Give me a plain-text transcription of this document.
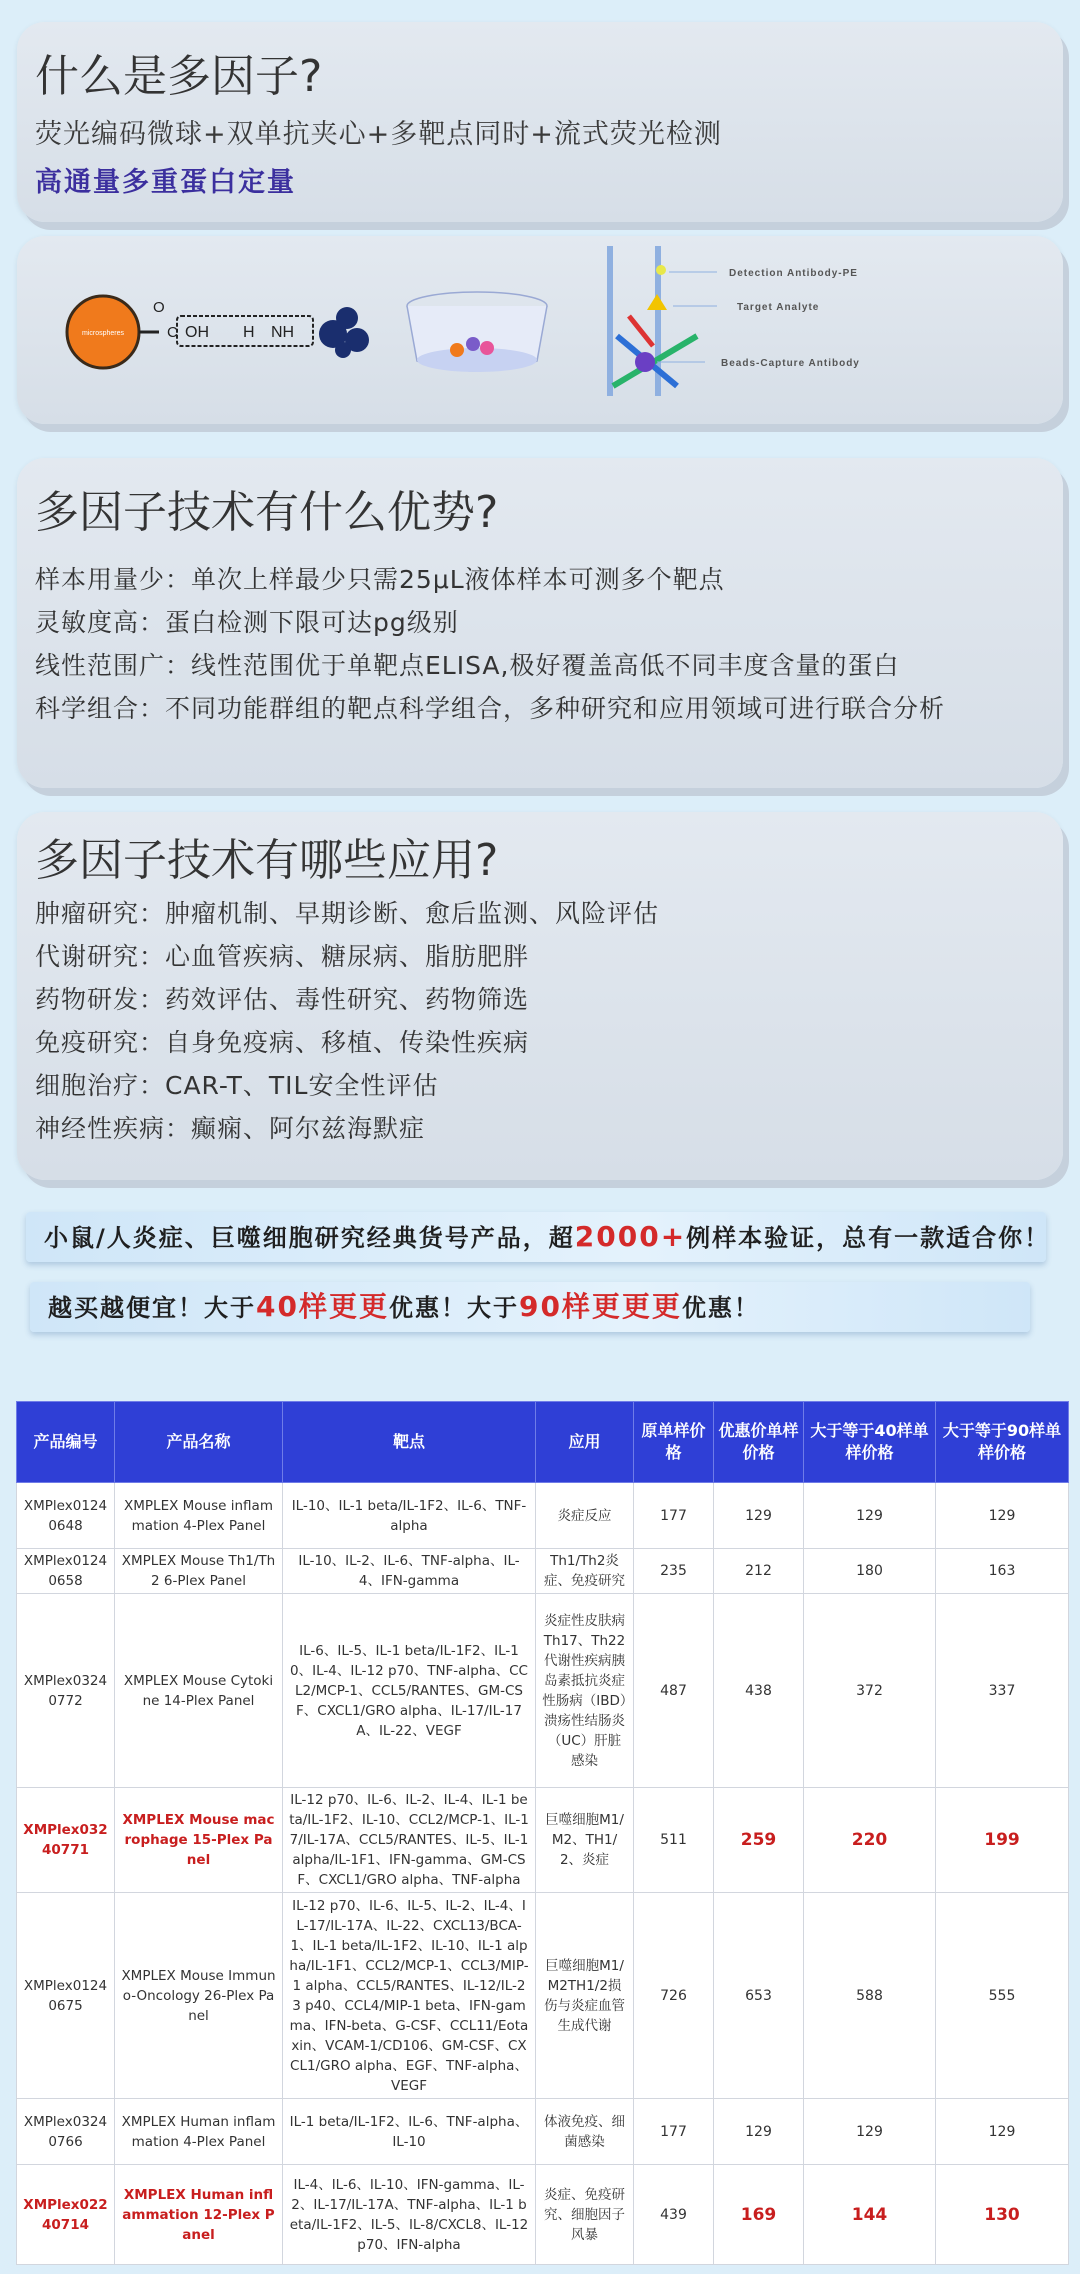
什么是多因子?
荧光编码微球+双单抗夹心+多靶点同时+流式荧光检测
高通量多重蛋白定量
microspheres
O
C OH H NH
Detection Antibody-PE
Target Analyte
Beads-Capture Antibody
多因子技术有什么优势?
样本用量少：单次上样最少只需25μL液体样本可测多个靶点
灵敏度高：蛋白检测下限可达pg级别
线性范围广：线性范围优于单靶点ELISA,极好覆盖高低不同丰度含量的蛋白
科学组合：不同功能群组的靶点科学组合，多种研究和应用领域可进行联合分析
多因子技术有哪些应用?
肿瘤研究：肿瘤机制、早期诊断、愈后监测、风险评估
代谢研究：心血管疾病、糖尿病、脂肪肥胖
药物研发：药效评估、毒性研究、药物筛选
免疫研究：自身免疫病、移植、传染性疾病
细胞治疗：CAR-T、TIL安全性评估
神经性疾病：癫痫、阿尔兹海默症
小鼠/人炎症、巨噬细胞研究经典货号产品，超2000+例样本验证，总有一款适合你！
越买越便宜！大于40样更更优惠！大于90样更更更优惠！
产品编号	产品名称	靶点	应用	原单样价格	优惠价单样价格	大于等于40样单样价格	大于等于90样单样价格
XMPlex01240648	XMPLEX Mouse inflammation 4-Plex Panel	IL-10、IL-1 beta/IL-1F2、IL-6、TNF-alpha	炎症反应	177	129	129	129
XMPlex01240658	XMPLEX Mouse Th1/Th2 6-Plex Panel	IL-10、IL-2、IL-6、TNF-alpha、IL-4、IFN-gamma	Th1/Th2炎症、免疫研究	235	212	180	163
XMPlex03240772	XMPLEX Mouse Cytokine 14-Plex Panel	IL-6、IL-5、IL-1 beta/IL-1F2、IL-10、IL-4、IL-12 p70、TNF-alpha、CCL2/MCP-1、CCL5/RANTES、GM-CSF、CXCL1/GRO alpha、IL-17/IL-17A、IL-22、VEGF	炎症性皮肤病Th17、Th22代谢性疾病胰岛素抵抗炎症性肠病（IBD）溃疡性结肠炎（UC）肝脏感染	487	438	372	337
XMPlex03240771	XMPLEX Mouse macrophage 15-Plex Panel	IL-12 p70、IL-6、IL-2、IL-4、IL-1 beta/IL-1F2、IL-10、CCL2/MCP-1、IL-17/IL-17A、CCL5/RANTES、IL-5、IL-1 alpha/IL-1F1、IFN-gamma、GM-CSF、CXCL1/GRO alpha、TNF-alpha	巨噬细胞M1/M2、TH1/2、炎症	511	259	220	199
XMPlex01240675	XMPLEX Mouse Immuno-Oncology 26-Plex Panel	IL-12 p70、IL-6、IL-5、IL-2、IL-4、IL-17/IL-17A、IL-22、CXCL13/BCA-1、IL-1 beta/IL-1F2、IL-10、IL-1 alpha/IL-1F1、CCL2/MCP-1、CCL3/MIP-1 alpha、CCL5/RANTES、IL-12/IL-23 p40、CCL4/MIP-1 beta、IFN-gamma、IFN-beta、G-CSF、CCL11/Eotaxin、VCAM-1/CD106、GM-CSF、CXCL1/GRO alpha、EGF、TNF-alpha、VEGF	巨噬细胞M1/M2TH1/2损伤与炎症血管生成代谢	726	653	588	555
XMPlex03240766	XMPLEX Human inflammation 4-Plex Panel	IL-1 beta/IL-1F2、IL-6、TNF-alpha、IL-10	体液免疫、细菌感染	177	129	129	129
XMPlex02240714	XMPLEX Human inflammation 12-Plex Panel	IL-4、IL-6、IL-10、IFN-gamma、IL-2、IL-17/IL-17A、TNF-alpha、IL-1 beta/IL-1F2、IL-5、IL-8/CXCL8、IL-12 p70、IFN-alpha	炎症、免疫研究、细胞因子风暴	439	169	144	130
